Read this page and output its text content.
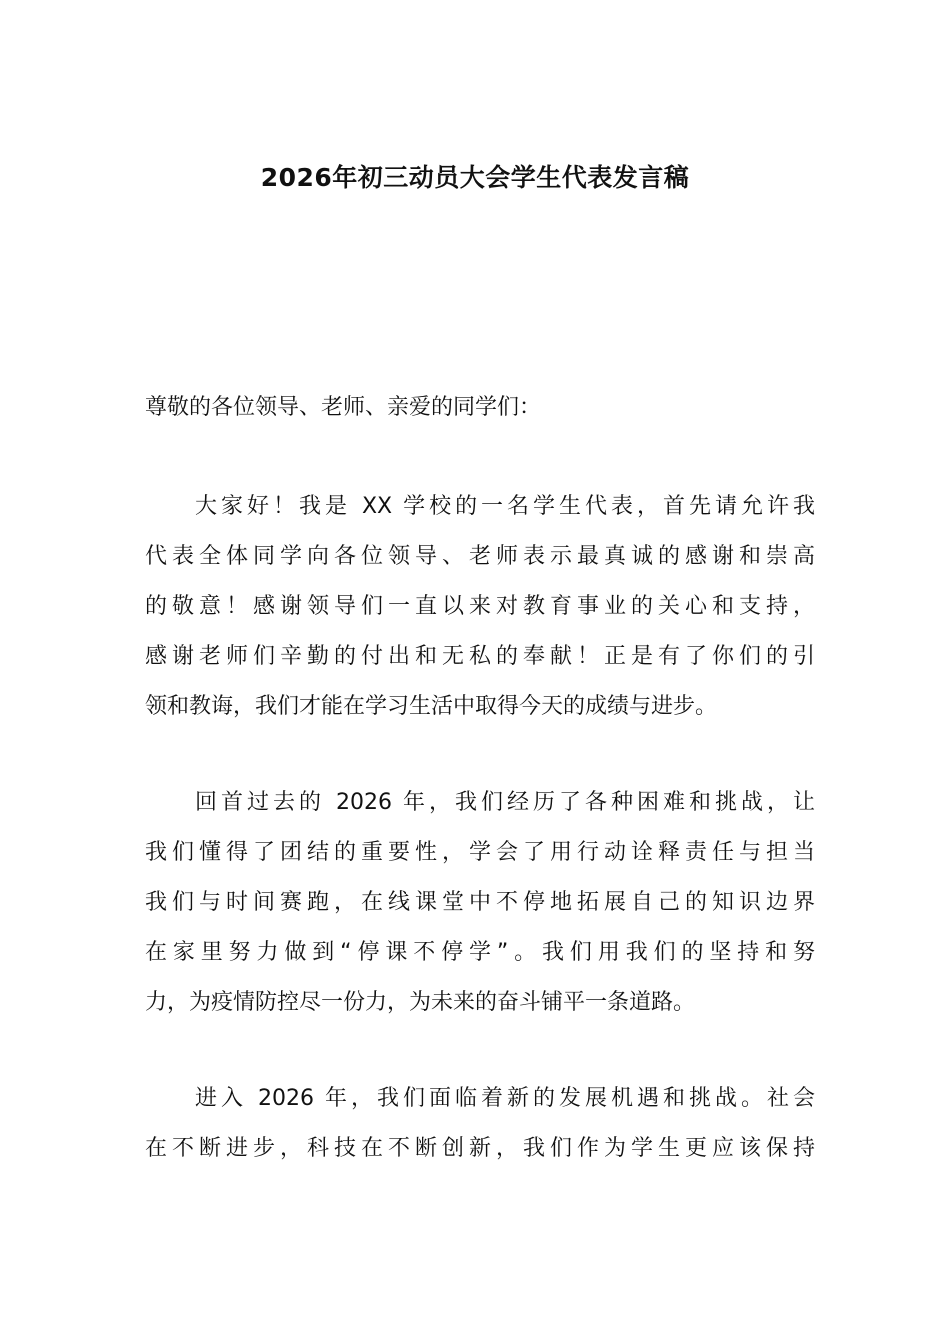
2026年初三动员大会学生代表发言稿

尊敬的各位领导、老师、亲爱的同学们：

大家好！我是 XX 学校的一名学生代表，首先请允许我
代表全体同学向各位领导、老师表示最真诚的感谢和崇高
的敬意！感谢领导们一直以来对教育事业的关心和支持，
感谢老师们辛勤的付出和无私的奉献！正是有了你们的引
领和教诲，我们才能在学习生活中取得今天的成绩与进步。
回首过去的 2026 年，我们经历了各种困难和挑战，让
我们懂得了团结的重要性，学会了用行动诠释责任与担当
我们与时间赛跑，在线课堂中不停地拓展自己的知识边界
在家里努力做到“停课不停学”。我们用我们的坚持和努
力，为疫情防控尽一份力，为未来的奋斗铺平一条道路。
进入 2026 年，我们面临着新的发展机遇和挑战。社会
在不断进步，科技在不断创新，我们作为学生更应该保持
